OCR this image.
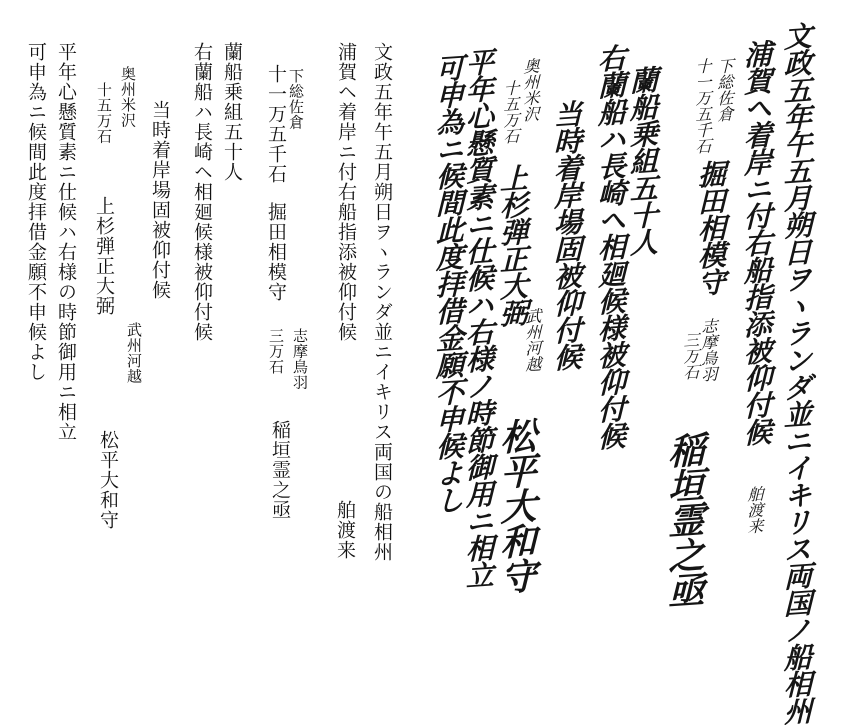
文政五年午五月朔日ヲヽランダ並ニイキリス両国の船相州
浦賀ヘ着岸ニ付右船指添被仰付候
舶渡来
下総佐倉
十一万五千石
掘田相模守
志摩鳥羽
三万石
稲垣霊之亟
蘭船乗組五十人
右蘭船ハ長崎ヘ相廻候様被仰付候
当時着岸場固被仰付候
奥州米沢
十五万石
上杉弾正大弼
武州河越
松平大和守
平年心懸質素ニ仕候ハ右様の時節御用ニ相立
可申為ニ候間此度拝借金願不申候よし	文政五年午五月朔日ヲヽランダ並ニイキリス両国ノ船相州
浦賀ヘ着岸ニ付右船指添被仰付候
舶渡来
下総佐倉
十一万五千石
掘田相模守
志摩鳥羽
三万石
稲垣霊之亟
蘭船乗組五十人
右蘭船ハ長崎ヘ相廻候様被仰付候
当時着岸場固被仰付候
奥州米沢
十五万石
上杉弾正大弼
武州河越
松平大和守
平年心懸質素ニ仕候ハ右様ノ時節御用ニ相立
可申為ニ候間此度拝借金願不申候よし
